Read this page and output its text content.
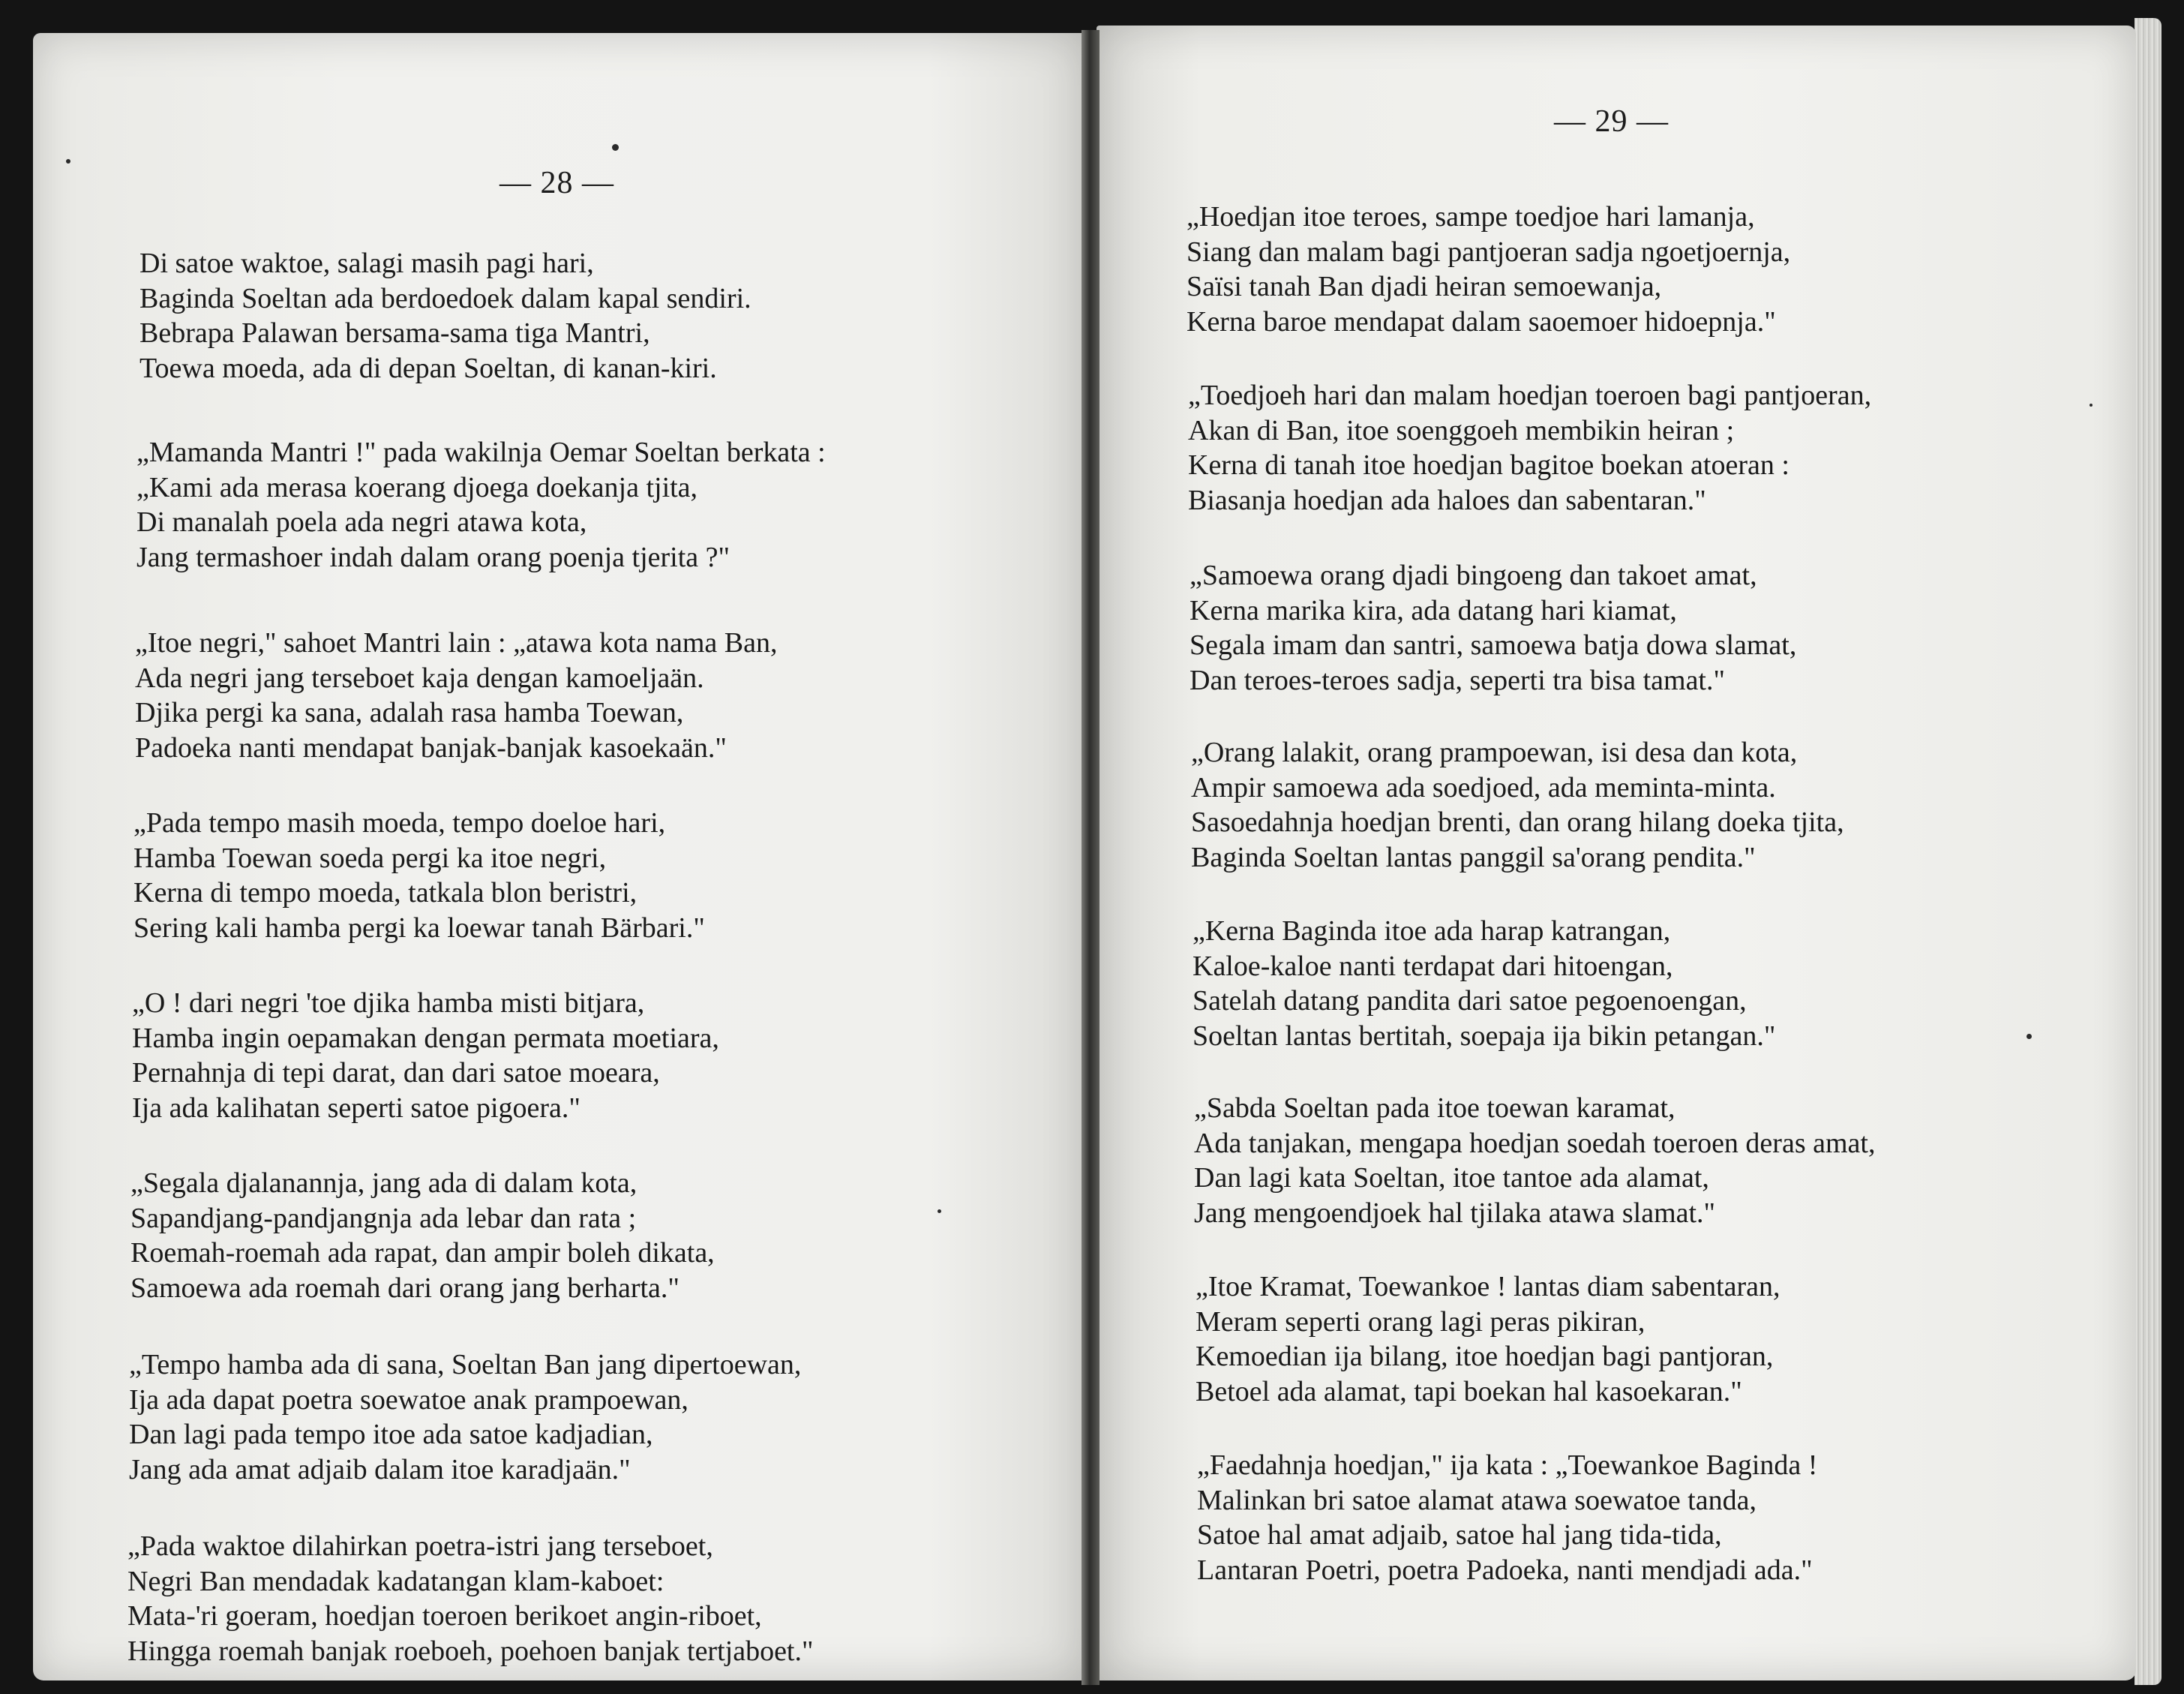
— 28 —
Di satoe waktoe, salagi masih pagi hari,
Baginda Soeltan ada berdoedoek dalam kapal sendiri.
Bebrapa Palawan bersama-sama tiga Mantri,
Toewa moeda, ada di depan Soeltan, di kanan-kiri.
„Mamanda Mantri !" pada wakilnja Oemar Soeltan berkata :
„Kami ada merasa koerang djoega doekanja tjita,
Di manalah poela ada negri atawa kota,
Jang termashoer indah dalam orang poenja tjerita ?"
„Itoe negri," sahoet Mantri lain : „atawa kota nama Ban,
Ada negri jang terseboet kaja dengan kamoeljaän.
Djika pergi ka sana, adalah rasa hamba Toewan,
Padoeka nanti mendapat banjak-banjak kasoekaän."
„Pada tempo masih moeda, tempo doeloe hari,
Hamba Toewan soeda pergi ka itoe negri,
Kerna di tempo moeda, tatkala blon beristri,
Sering kali hamba pergi ka loewar tanah Bärbari."
„O ! dari negri 'toe djika hamba misti bitjara,
Hamba ingin oepamakan dengan permata moetiara,
Pernahnja di tepi darat, dan dari satoe moeara,
Ija ada kalihatan seperti satoe pigoera."
„Segala djalanannja, jang ada di dalam kota,
Sapandjang-pandjangnja ada lebar dan rata ;
Roemah-roemah ada rapat, dan ampir boleh dikata,
Samoewa ada roemah dari orang jang berharta."
„Tempo hamba ada di sana, Soeltan Ban jang dipertoewan,
Ija ada dapat poetra soewatoe anak prampoewan,
Dan lagi pada tempo itoe ada satoe kadjadian,
Jang ada amat adjaib dalam itoe karadjaän."
„Pada waktoe dilahirkan poetra-istri jang terseboet,
Negri Ban mendadak kadatangan klam-kaboet:
Mata-'ri goeram, hoedjan toeroen berikoet angin-riboet,
Hingga roemah banjak roeboeh, poehoen banjak tertjaboet."
— 29 —
„Hoedjan itoe teroes, sampe toedjoe hari lamanja,
Siang dan malam bagi pantjoeran sadja ngoetjoernja,
Saïsi tanah Ban djadi heiran semoewanja,
Kerna baroe mendapat dalam saoemoer hidoepnja."
„Toedjoeh hari dan malam hoedjan toeroen bagi pantjoeran,
Akan di Ban, itoe soenggoeh membikin heiran ;
Kerna di tanah itoe hoedjan bagitoe boekan atoeran :
Biasanja hoedjan ada haloes dan sabentaran."
„Samoewa orang djadi bingoeng dan takoet amat,
Kerna marika kira, ada datang hari kiamat,
Segala imam dan santri, samoewa batja dowa slamat,
Dan teroes-teroes sadja, seperti tra bisa tamat."
„Orang lalakit, orang prampoewan, isi desa dan kota,
Ampir samoewa ada soedjoed, ada meminta-minta.
Sasoedahnja hoedjan brenti, dan orang hilang doeka tjita,
Baginda Soeltan lantas panggil sa'orang pendita."
„Kerna Baginda itoe ada harap katrangan,
Kaloe-kaloe nanti terdapat dari hitoengan,
Satelah datang pandita dari satoe pegoenoengan,
Soeltan lantas bertitah, soepaja ija bikin petangan."
„Sabda Soeltan pada itoe toewan karamat,
Ada tanjakan, mengapa hoedjan soedah toeroen deras amat,
Dan lagi kata Soeltan, itoe tantoe ada alamat,
Jang mengoendjoek hal tjilaka atawa slamat."
„Itoe Kramat, Toewankoe ! lantas diam sabentaran,
Meram seperti orang lagi peras pikiran,
Kemoedian ija bilang, itoe hoedjan bagi pantjoran,
Betoel ada alamat, tapi boekan hal kasoekaran."
„Faedahnja hoedjan," ija kata : „Toewankoe Baginda !
Malinkan bri satoe alamat atawa soewatoe tanda,
Satoe hal amat adjaib, satoe hal jang tida-tida,
Lantaran Poetri, poetra Padoeka, nanti mendjadi ada."
